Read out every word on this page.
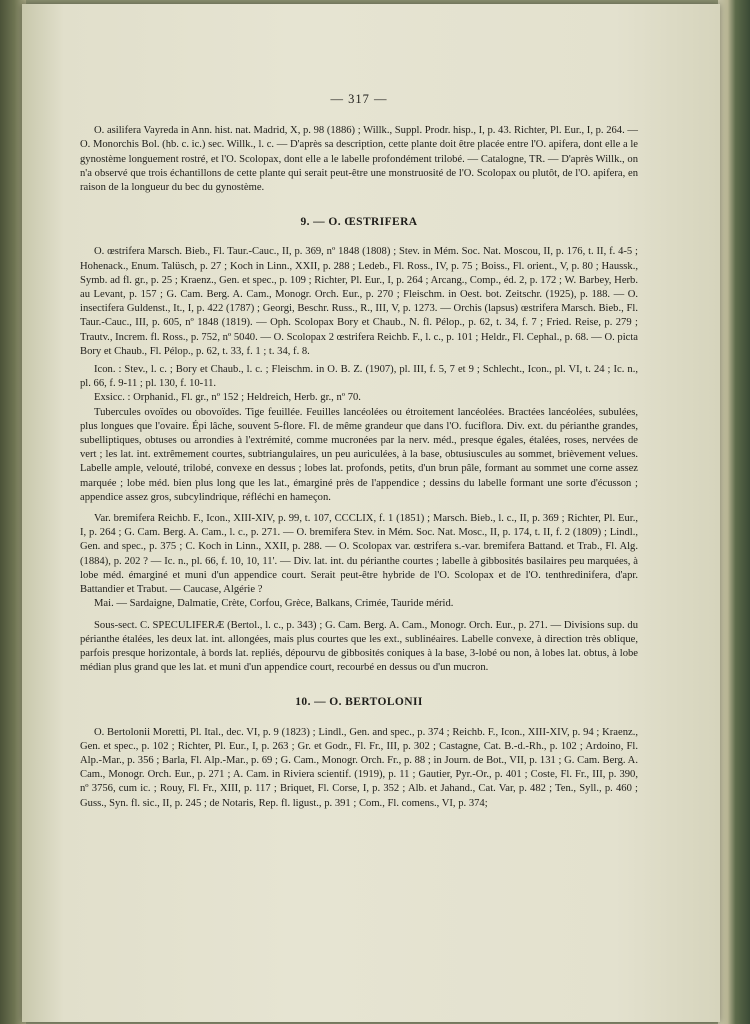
— 317 —

O. asilifera Vayreda in Ann. hist. nat. Madrid, X, p. 98 (1886) ; Willk., Suppl. Prodr. hisp., I, p. 43. Richter, Pl. Eur., I, p. 264. — O. Monorchis Bol. (hb. c. ic.) sec. Willk., l. c. — D'après sa description, cette plante doit être placée entre l'O. apifera, dont elle a le gynostème longuement rostré, et l'O. Scolopax, dont elle a le labelle profondément trilobé. — Catalogne, TR. — D'après Willk., on n'a observé que trois échantillons de cette plante qui serait peut-être une monstruosité de l'O. Scolopax ou plutôt, de l'O. apifera, en raison de la longueur du bec du gynostème.

9. — O. ŒSTRIFERA

O. œstrifera Marsch. Bieb., Fl. Taur.-Cauc., II, p. 369, nº 1848 (1808) ; Stev. in Mém. Soc. Nat. Moscou, II, p. 176, t. II, f. 4-5 ; Hohenack., Enum. Talüsch, p. 27 ; Koch in Linn., XXII, p. 288 ; Ledeb., Fl. Ross., IV, p. 75 ; Boiss., Fl. orient., V, p. 80 ; Haussk., Symb. ad fl. gr., p. 25 ; Kraenz., Gen. et spec., p. 109 ; Richter, Pl. Eur., I, p. 264 ; Arcang., Comp., éd. 2, p. 172 ; W. Barbey, Herb. au Levant, p. 157 ; G. Cam. Berg. A. Cam., Monogr. Orch. Eur., p. 270 ; Fleischm. in Oest. bot. Zeitschr. (1925), p. 188. — O. insectifera Guldenst., It., I, p. 422 (1787) ; Georgi, Beschr. Russ., R., III, V, p. 1273. — Orchis (lapsus) œstrifera Marsch. Bieb., Fl. Taur.-Cauc., III, p. 605, nº 1848 (1819). — Oph. Scolopax Bory et Chaub., N. fl. Pélop., p. 62, t. 34, f. 7 ; Fried. Reise, p. 279 ; Trautv., Increm. fl. Ross., p. 752, nº 5040. — O. Scolopax 2 œstrifera Reichb. F., l. c., p. 101 ; Heldr., Fl. Cephal., p. 68. — O. picta Bory et Chaub., Fl. Pélop., p. 62, t. 33, f. 1 ; t. 34, f. 8.

Icon. : Stev., l. c. ; Bory et Chaub., l. c. ; Fleischm. in O. B. Z. (1907), pl. III, f. 5, 7 et 9 ; Schlecht., Icon., pl. VI, t. 24 ; Ic. n., pl. 66, f. 9-11 ; pl. 130, f. 10-11.

Exsicc. : Orphanid., Fl. gr., nº 152 ; Heldreich, Herb. gr., nº 70.

Tubercules ovoïdes ou obovoïdes. Tige feuillée. Feuilles lancéolées ou étroitement lancéolées. Bractées lancéolées, subulées, plus longues que l'ovaire. Épi lâche, souvent 5-flore. Fl. de même grandeur que dans l'O. fuciflora. Div. ext. du périanthe grandes, subelliptiques, obtuses ou arrondies à l'extrémité, comme mucronées par la nerv. méd., presque égales, étalées, roses, nervées de vert ; les lat. int. extrêmement courtes, subtriangulaires, un peu auriculées, à la base, obtusiuscules au sommet, brièvement velues. Labelle ample, velouté, trilobé, convexe en dessus ; lobes lat. profonds, petits, d'un brun pâle, formant au sommet une corne assez marquée ; lobe méd. bien plus long que les lat., émarginé près de l'appendice ; dessins du labelle formant une sorte d'écusson ; appendice assez gros, subcylindrique, réfléchi en hameçon.

Var. bremifera Reichb. F., Icon., XIII-XIV, p. 99, t. 107, CCCLIX, f. 1 (1851) ; Marsch. Bieb., l. c., II, p. 369 ; Richter, Pl. Eur., I, p. 264 ; G. Cam. Berg. A. Cam., l. c., p. 271. — O. bremifera Stev. in Mém. Soc. Nat. Mosc., II, p. 174, t. II, f. 2 (1809) ; Lindl., Gen. and spec., p. 375 ; C. Koch in Linn., XXII, p. 288. — O. Scolopax var. œstrifera s.-var. bremifera Battand. et Trab., Fl. Alg. (1884), p. 202 ? — Ic. n., pl. 66, f. 10, 10, 11'. — Div. lat. int. du périanthe courtes ; labelle à gibbosités basilaires peu marquées, à lobe méd. émarginé et muni d'un appendice court. Serait peut-être hybride de l'O. Scolopax et de l'O. tenthredinifera, d'apr. Battandier et Trabut. — Caucase, Algérie ?

Mai. — Sardaigne, Dalmatie, Crète, Corfou, Grèce, Balkans, Crimée, Tauride mérid.

Sous-sect. C. SPECULIFERÆ (Bertol., l. c., p. 343) ; G. Cam. Berg. A. Cam., Monogr. Orch. Eur., p. 271. — Divisions sup. du périanthe étalées, les deux lat. int. allongées, mais plus courtes que les ext., sublinéaires. Labelle convexe, à direction très oblique, parfois presque horizontale, à bords lat. repliés, dépourvu de gibbosités coniques à la base, 3-lobé ou non, à lobes lat. obtus, à lobe médian plus grand que les lat. et muni d'un appendice court, recourbé en dessus ou d'un mucron.

10. — O. BERTOLONII

O. Bertolonii Moretti, Pl. Ital., dec. VI, p. 9 (1823) ; Lindl., Gen. and spec., p. 374 ; Reichb. F., Icon., XIII-XIV, p. 94 ; Kraenz., Gen. et spec., p. 102 ; Richter, Pl. Eur., I, p. 263 ; Gr. et Godr., Fl. Fr., III, p. 302 ; Castagne, Cat. B.-d.-Rh., p. 102 ; Ardoino, Fl. Alp.-Mar., p. 356 ; Barla, Fl. Alp.-Mar., p. 69 ; G. Cam., Monogr. Orch. Fr., p. 88 ; in Journ. de Bot., VII, p. 131 ; G. Cam. Berg. A. Cam., Monogr. Orch. Eur., p. 271 ; A. Cam. in Riviera scientif. (1919), p. 11 ; Gautier, Pyr.-Or., p. 401 ; Coste, Fl. Fr., III, p. 390, nº 3756, cum ic. ; Rouy, Fl. Fr., XIII, p. 117 ; Briquet, Fl. Corse, I, p. 352 ; Alb. et Jahand., Cat. Var, p. 482 ; Ten., Syll., p. 460 ; Guss., Syn. fl. sic., II, p. 245 ; de Notaris, Rep. fl. ligust., p. 391 ; Com., Fl. comens., VI, p. 374;
